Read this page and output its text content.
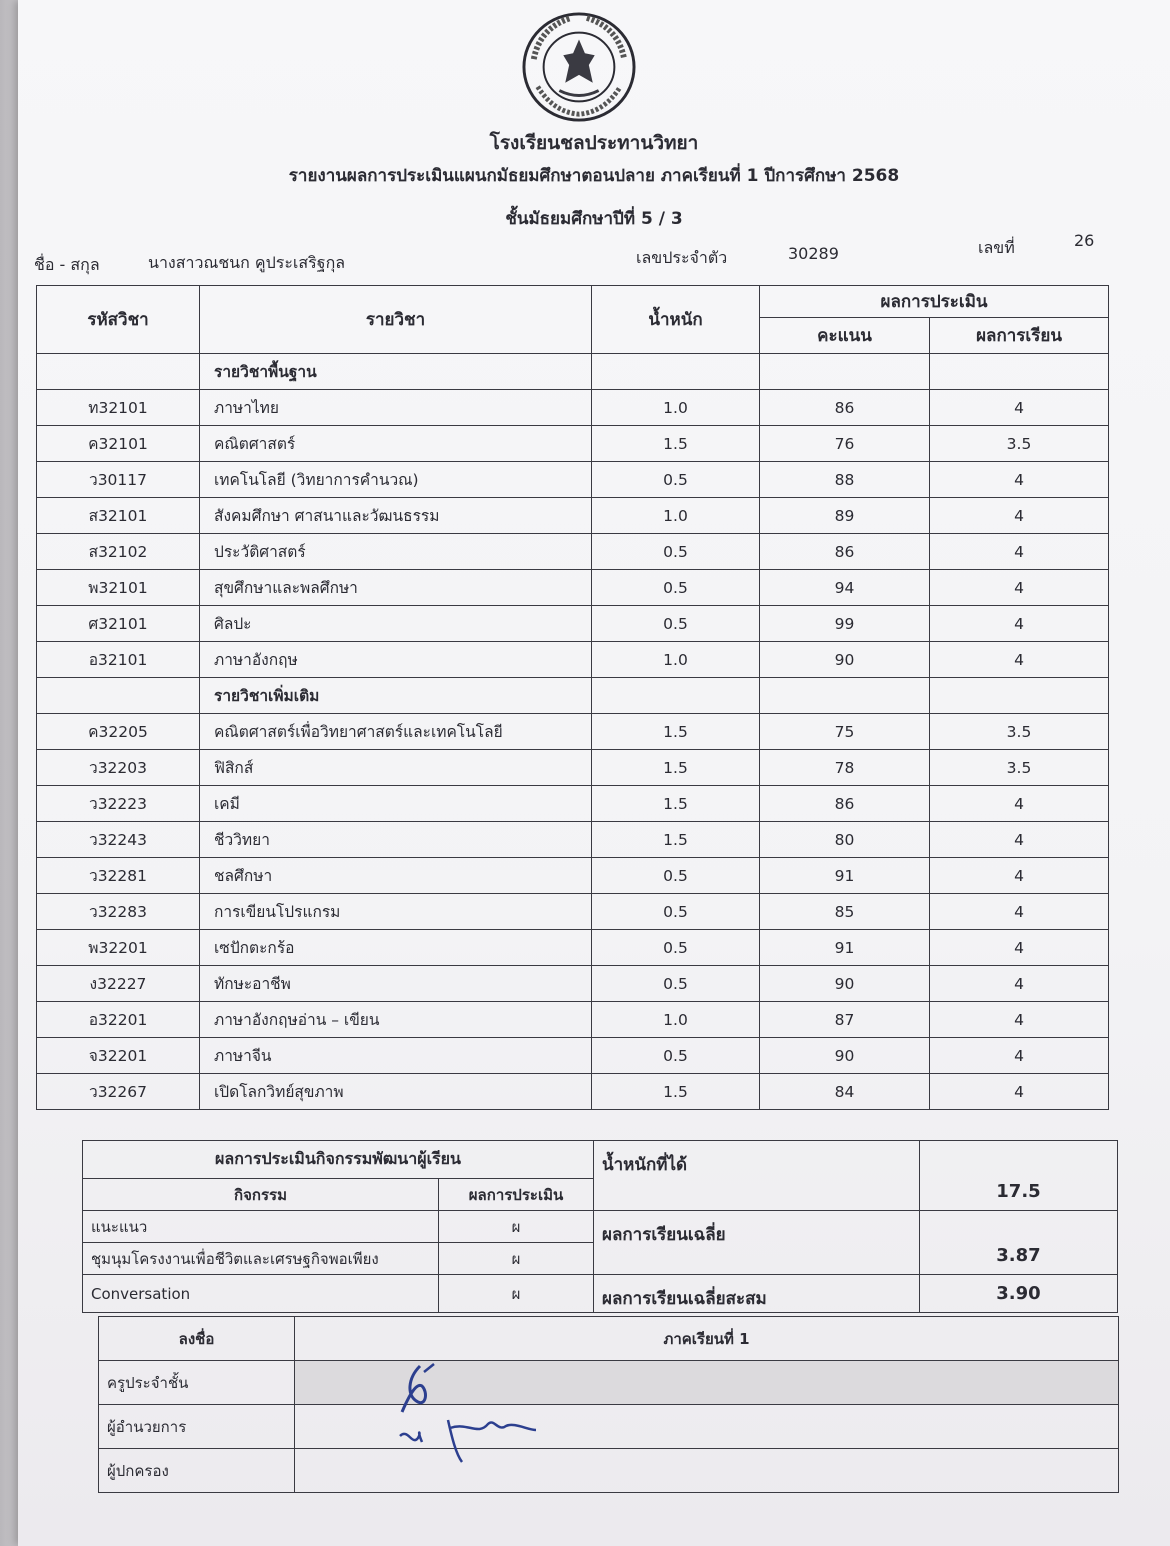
โรงเรียนชลประทานวิทยา
รายงานผลการประเมินแผนกมัธยมศึกษาตอนปลาย ภาคเรียนที่ 1 ปีการศึกษา 2568
ชั้นมัธยมศึกษาปีที่ 5 / 3
ชื่อ - สกุล	นางสาวณชนก คูประเสริฐกุล	เลขประจำตัว	30289	เลขที่	26
รหัสวิชา	รายวิชา	น้ำหนัก	ผลการประเมิน	
			คะแนน	ผลการเรียน
	รายวิชาพื้นฐาน			
ท32101	ภาษาไทย	1.0	86	4
ค32101	คณิตศาสตร์	1.5	76	3.5
ว30117	เทคโนโลยี (วิทยาการคำนวณ)	0.5	88	4
ส32101	สังคมศึกษา ศาสนาและวัฒนธรรม	1.0	89	4
ส32102	ประวัติศาสตร์	0.5	86	4
พ32101	สุขศึกษาและพลศึกษา	0.5	94	4
ศ32101	ศิลปะ	0.5	99	4
อ32101	ภาษาอังกฤษ	1.0	90	4
	รายวิชาเพิ่มเติม			
ค32205	คณิตศาสตร์เพื่อวิทยาศาสตร์และเทคโนโลยี	1.5	75	3.5
ว32203	ฟิสิกส์	1.5	78	3.5
ว32223	เคมี	1.5	86	4
ว32243	ชีววิทยา	1.5	80	4
ว32281	ชลศึกษา	0.5	91	4
ว32283	การเขียนโปรแกรม	0.5	85	4
พ32201	เซปักตะกร้อ	0.5	91	4
ง32227	ทักษะอาชีพ	0.5	90	4
อ32201	ภาษาอังกฤษอ่าน – เขียน	1.0	87	4
จ32201	ภาษาจีน	0.5	90	4
ว32267	เปิดโลกวิทย์สุขภาพ	1.5	84	4
ผลการประเมินกิจกรรมพัฒนาผู้เรียน		น้ำหนักที่ได้	17.5
กิจกรรม	ผลการประเมิน		
แนะแนว	ผ	ผลการเรียนเฉลี่ย	3.87
ชุมนุมโครงงานเพื่อชีวิตและเศรษฐกิจพอเพียง	ผ		
Conversation	ผ	ผลการเรียนเฉลี่ยสะสม	3.90
ลงชื่อ	ภาคเรียนที่ 1
ครูประจำชั้น	
ผู้อำนวยการ	
ผู้ปกครอง	
